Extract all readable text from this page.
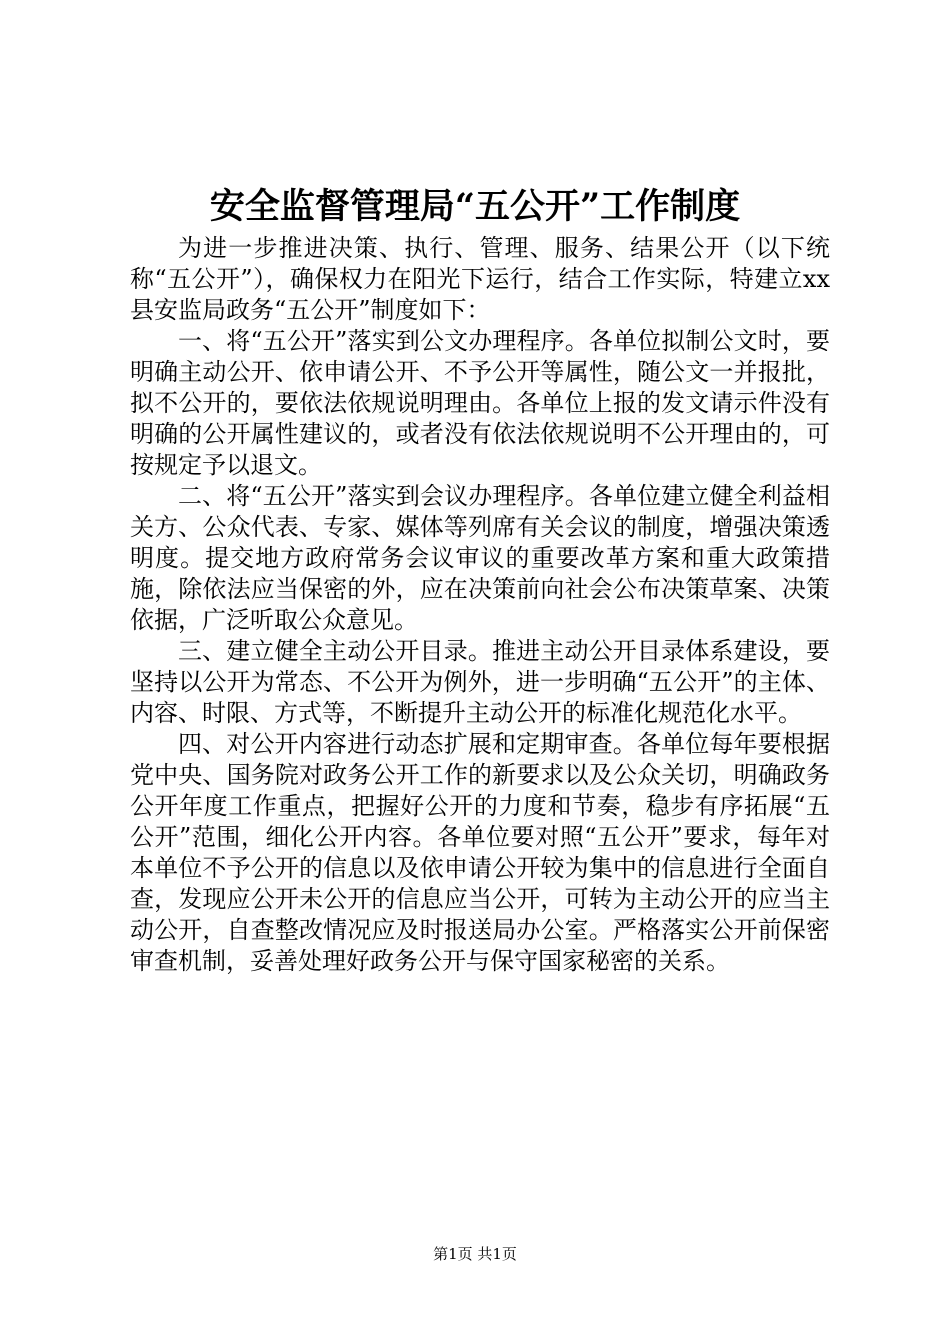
安全监督管理局“五公开”工作制度

为进一步推进决策、执行、管理、服务、结果公开（以下统称“五公开”），确保权力在阳光下运行，结合工作实际，特建立xx县安监局政务“五公开”制度如下：

一、将“五公开”落实到公文办理程序。各单位拟制公文时，要明确主动公开、依申请公开、不予公开等属性，随公文一并报批，拟不公开的，要依法依规说明理由。各单位上报的发文请示件没有明确的公开属性建议的，或者没有依法依规说明不公开理由的，可按规定予以退文。

二、将“五公开”落实到会议办理程序。各单位建立健全利益相关方、公众代表、专家、媒体等列席有关会议的制度，增强决策透明度。提交地方政府常务会议审议的重要改革方案和重大政策措施，除依法应当保密的外，应在决策前向社会公布决策草案、决策依据，广泛听取公众意见。

三、建立健全主动公开目录。推进主动公开目录体系建设，要坚持以公开为常态、不公开为例外，进一步明确“五公开”的主体、内容、时限、方式等，不断提升主动公开的标准化规范化水平。

四、对公开内容进行动态扩展和定期审查。各单位每年要根据党中央、国务院对政务公开工作的新要求以及公众关切，明确政务公开年度工作重点，把握好公开的力度和节奏，稳步有序拓展“五公开”范围，细化公开内容。各单位要对照“五公开”要求，每年对本单位不予公开的信息以及依申请公开较为集中的信息进行全面自查，发现应公开未公开的信息应当公开，可转为主动公开的应当主动公开，自查整改情况应及时报送局办公室。严格落实公开前保密审查机制，妥善处理好政务公开与保守国家秘密的关系。

第1页 共1页
